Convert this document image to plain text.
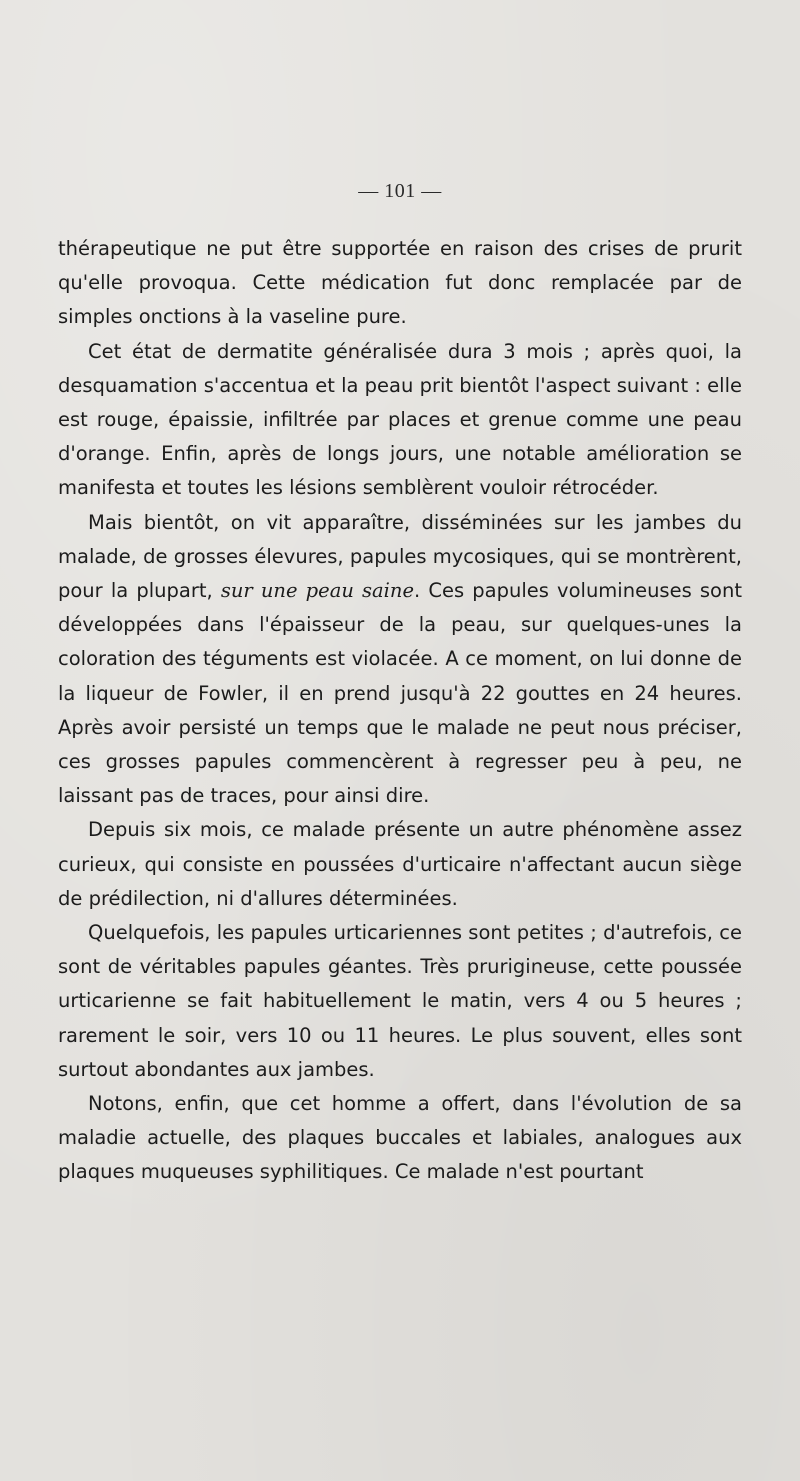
— 101 —

thérapeutique ne put être supportée en raison des crises de prurit qu'elle provoqua. Cette médication fut donc remplacée par de simples onctions à la vaseline pure.

Cet état de dermatite généralisée dura 3 mois ; après quoi, la desquamation s'accentua et la peau prit bientôt l'aspect suivant : elle est rouge, épaissie, infiltrée par places et grenue comme une peau d'orange. Enfin, après de longs jours, une notable amélioration se manifesta et toutes les lésions semblèrent vouloir rétrocéder.

Mais bientôt, on vit apparaître, disséminées sur les jambes du malade, de grosses élevures, papules mycosiques, qui se montrèrent, pour la plupart, sur une peau saine. Ces papules volumineuses sont développées dans l'épaisseur de la peau, sur quelques-unes la coloration des téguments est violacée. A ce moment, on lui donne de la liqueur de Fowler, il en prend jusqu'à 22 gouttes en 24 heures. Après avoir persisté un temps que le malade ne peut nous préciser, ces grosses papules commencèrent à regresser peu à peu, ne laissant pas de traces, pour ainsi dire.

Depuis six mois, ce malade présente un autre phénomène assez curieux, qui consiste en poussées d'urticaire n'affectant aucun siège de prédilection, ni d'allures déterminées.

Quelquefois, les papules urticariennes sont petites ; d'autrefois, ce sont de véritables papules géantes. Très prurigineuse, cette poussée urticarienne se fait habituellement le matin, vers 4 ou 5 heures ; rarement le soir, vers 10 ou 11 heures. Le plus souvent, elles sont surtout abondantes aux jambes.

Notons, enfin, que cet homme a offert, dans l'évolution de sa maladie actuelle, des plaques buccales et labiales, analogues aux plaques muqueuses syphilitiques. Ce malade n'est pourtant
